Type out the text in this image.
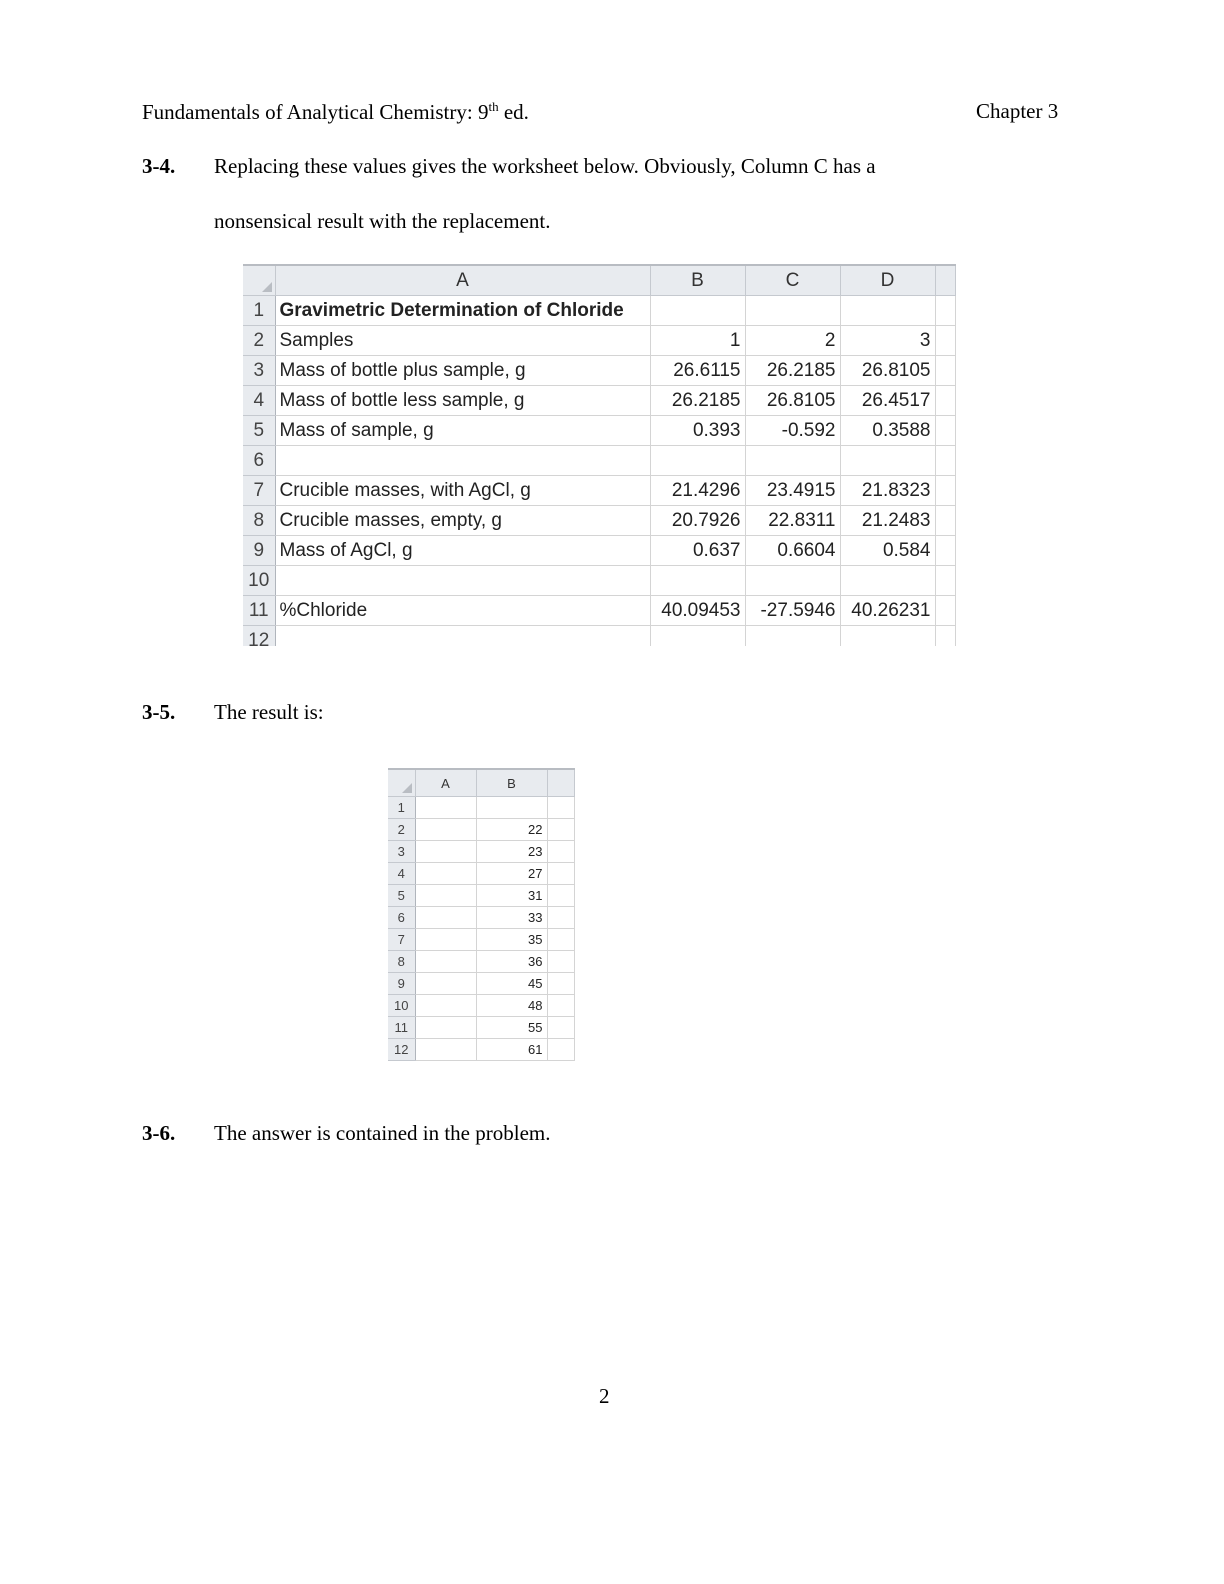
Fundamentals of Analytical Chemistry: 9th ed.	Chapter 3
3-4. Replacing these values gives the worksheet below. Obviously, Column C has a
nonsensical result with the replacement.
	A	B	C	D	
1	Gravimetric Determination of Chloride				
2	Samples	1	2	3	
3	Mass of bottle plus sample, g	26.6115	26.2185	26.8105	
4	Mass of bottle less sample, g	26.2185	26.8105	26.4517	
5	Mass of sample, g	0.393	-0.592	0.3588	
6					
7	Crucible masses, with AgCl, g	21.4296	23.4915	21.8323	
8	Crucible masses, empty, g	20.7926	22.8311	21.2483	
9	Mass of AgCl, g	0.637	0.6604	0.584	
10					
11	%Chloride	40.09453	-27.5946	40.26231	
12					
3-5. The result is:
	A	B	
1			
2		22	
3		23	
4		27	
5		31	
6		33	
7		35	
8		36	
9		45	
10		48	
11		55	
12		61	
3-6. The answer is contained in the problem.
2
